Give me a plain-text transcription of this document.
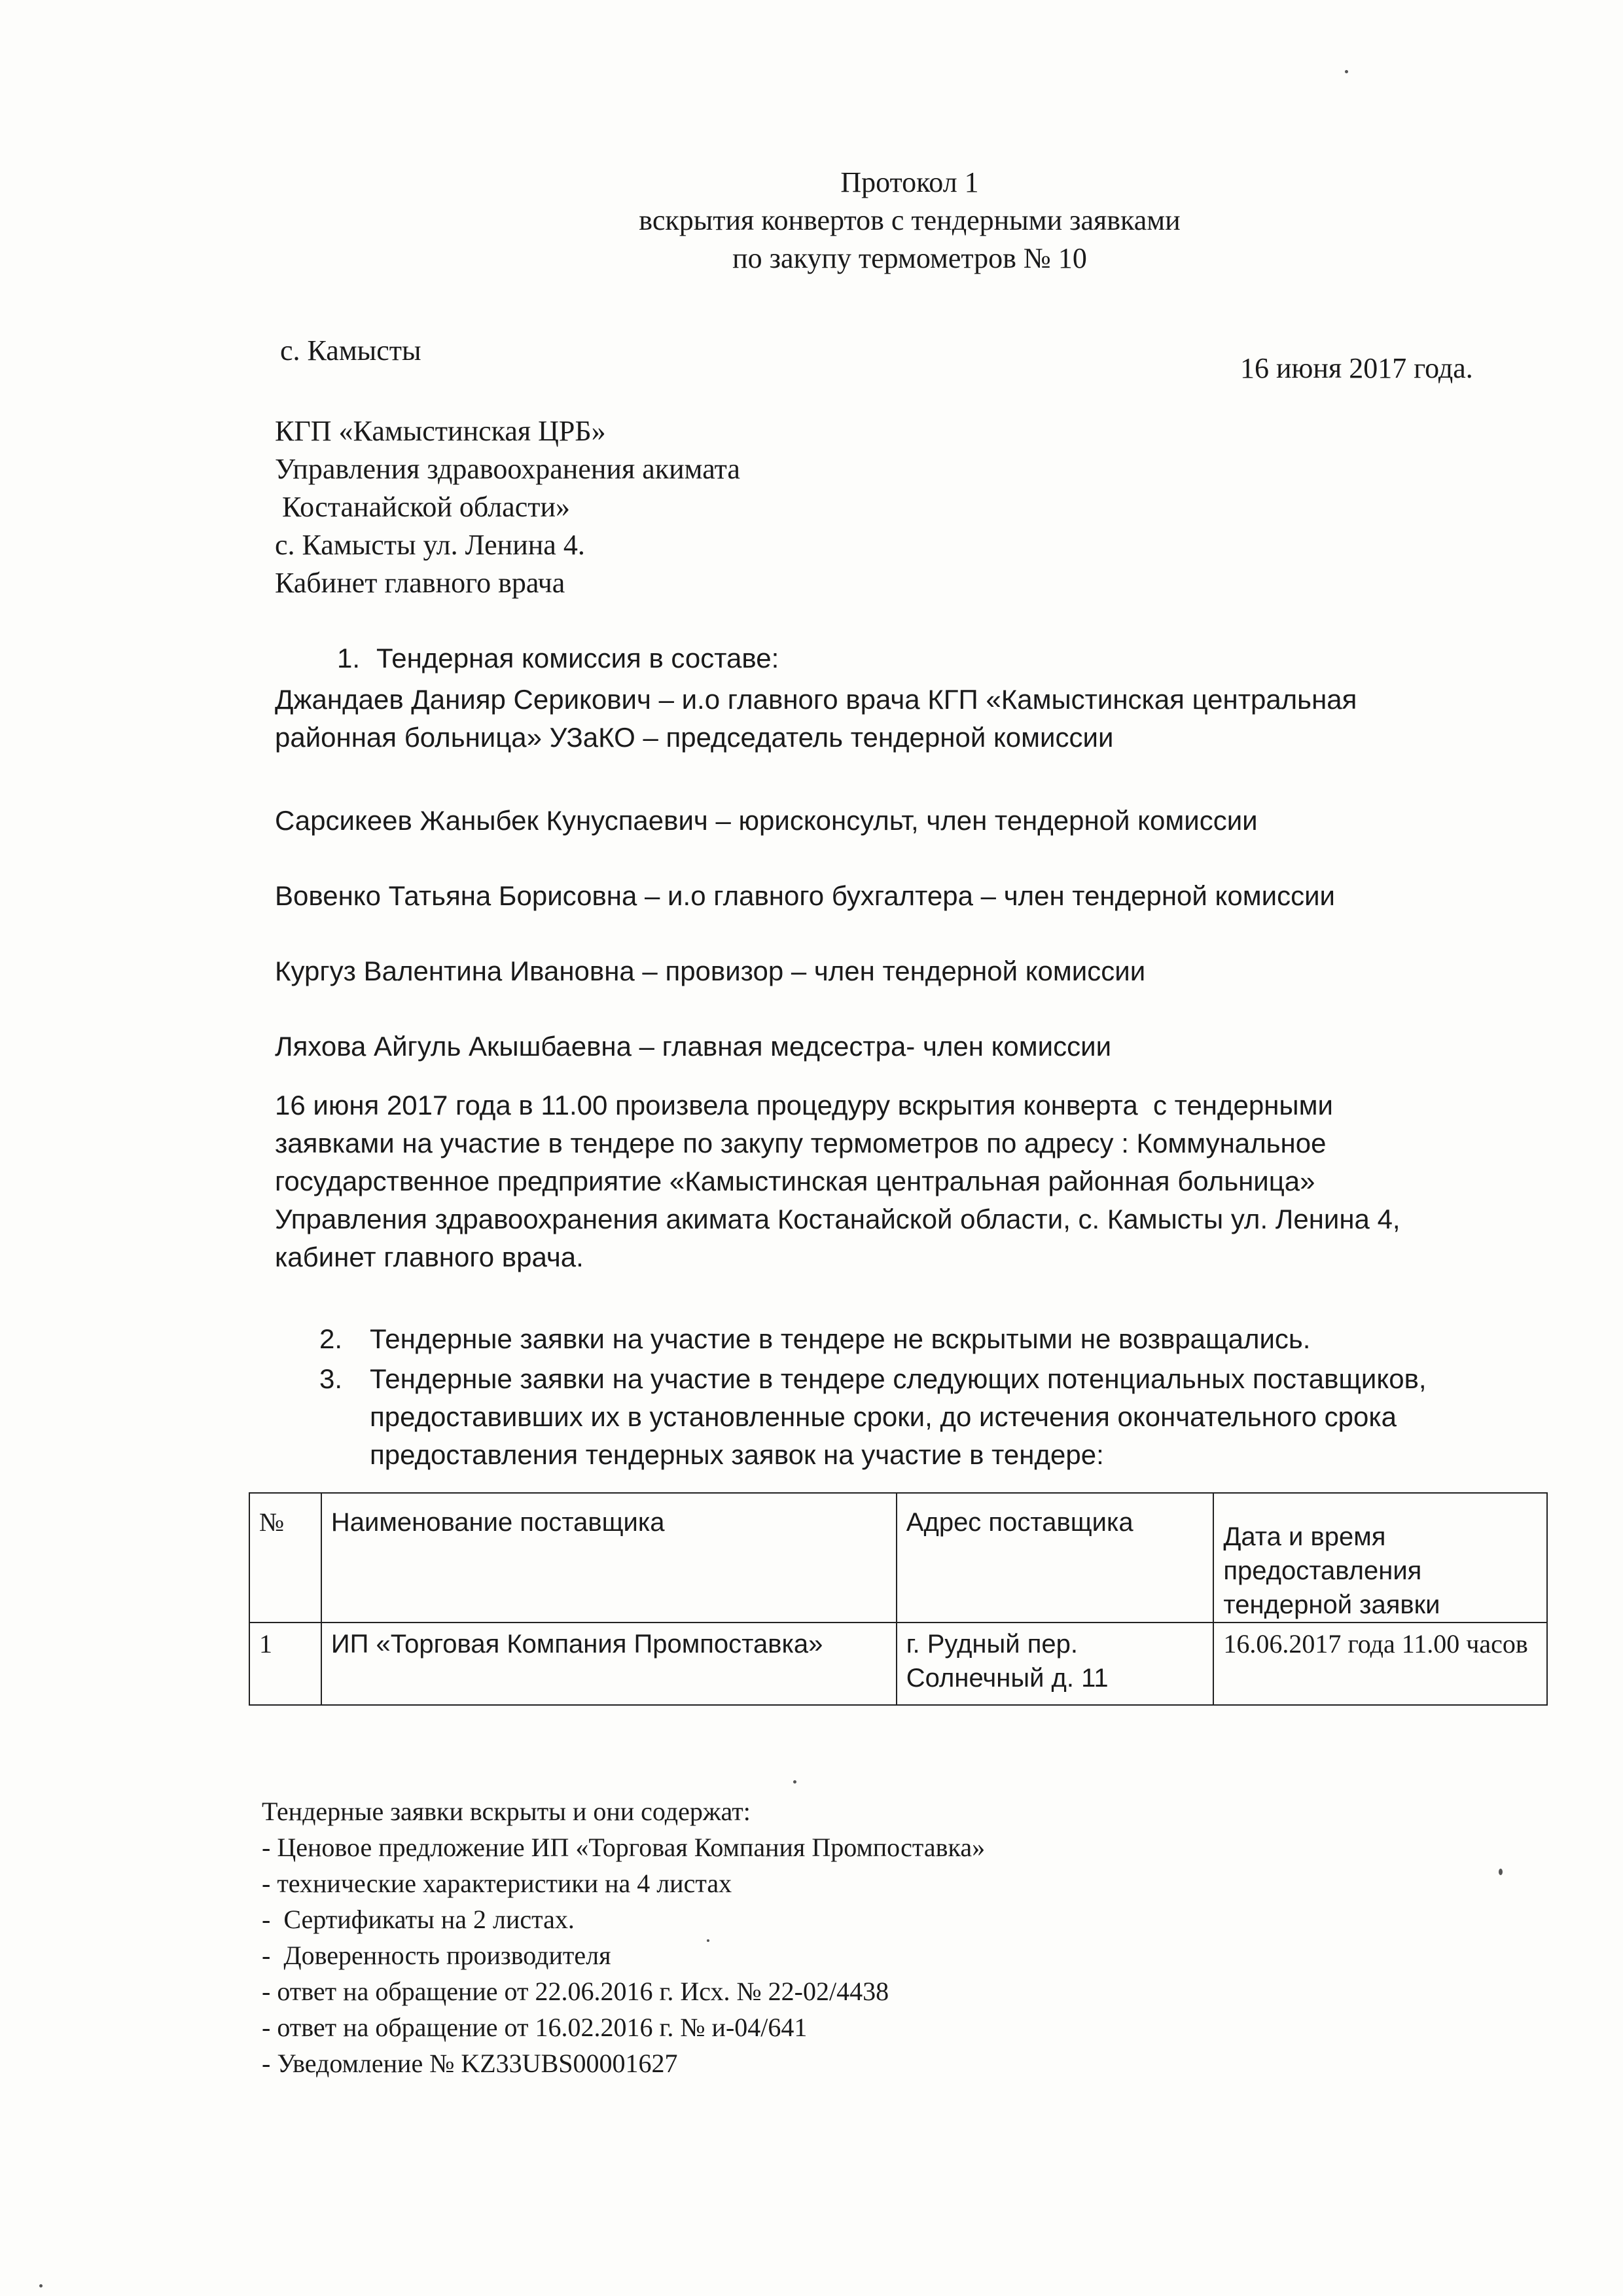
Протокол 1
вскрытия конвертов с тендерными заявками
по закупу термометров № 10
с. Камысты
16 июня 2017 года.
КГП «Камыстинская ЦРБ»
Управления здравоохранения акимата
Костанайской области»
с. Камысты ул. Ленина 4.
Кабинет главного врача
1. Тендерная комиссия в составе:
Джандаев Данияр Серикович – и.о главного врача КГП «Камыстинская центральная
районная больница» УЗаКО – председатель тендерной комиссии
Сарсикеев Жаныбек Кунуспаевич – юрисконсульт, член тендерной комиссии
Вовенко Татьяна Борисовна – и.о главного бухгалтера – член тендерной комиссии
Кургуз Валентина Ивановна – провизор – член тендерной комиссии
Ляхова Айгуль Акышбаевна – главная медсестра- член комиссии
16 июня 2017 года в 11.00 произвела процедуру вскрытия конверта  с тендерными
заявками на участие в тендере по закупу термометров по адресу : Коммунальное
государственное предприятие «Камыстинская центральная районная больница»
Управления здравоохранения акимата Костанайской области, с. Камысты ул. Ленина 4,
кабинет главного врача.
2. Тендерные заявки на участие в тендере не вскрытыми не возвращались.
3. Тендерные заявки на участие в тендере следующих потенциальных поставщиков,
предоставивших их в установленные сроки, до истечения окончательного срока
предоставления тендерных заявок на участие в тендере:
№	Наименование поставщика	Адрес поставщика	Дата и время предоставления тендерной заявки
1	ИП «Торговая Компания Промпоставка»	г. Рудный пер. Солнечный д. 11	16.06.2017 года 11.00 часов
Тендерные заявки вскрыты и они содержат:
- Ценовое предложение ИП «Торговая Компания Промпоставка»
- технические характеристики на 4 листах
-  Сертификаты на 2 листах.
-  Доверенность производителя
- ответ на обращение от 22.06.2016 г. Исх. № 22-02/4438
- ответ на обращение от 16.02.2016 г. № и-04/641
- Уведомление № KZ33UBS00001627
